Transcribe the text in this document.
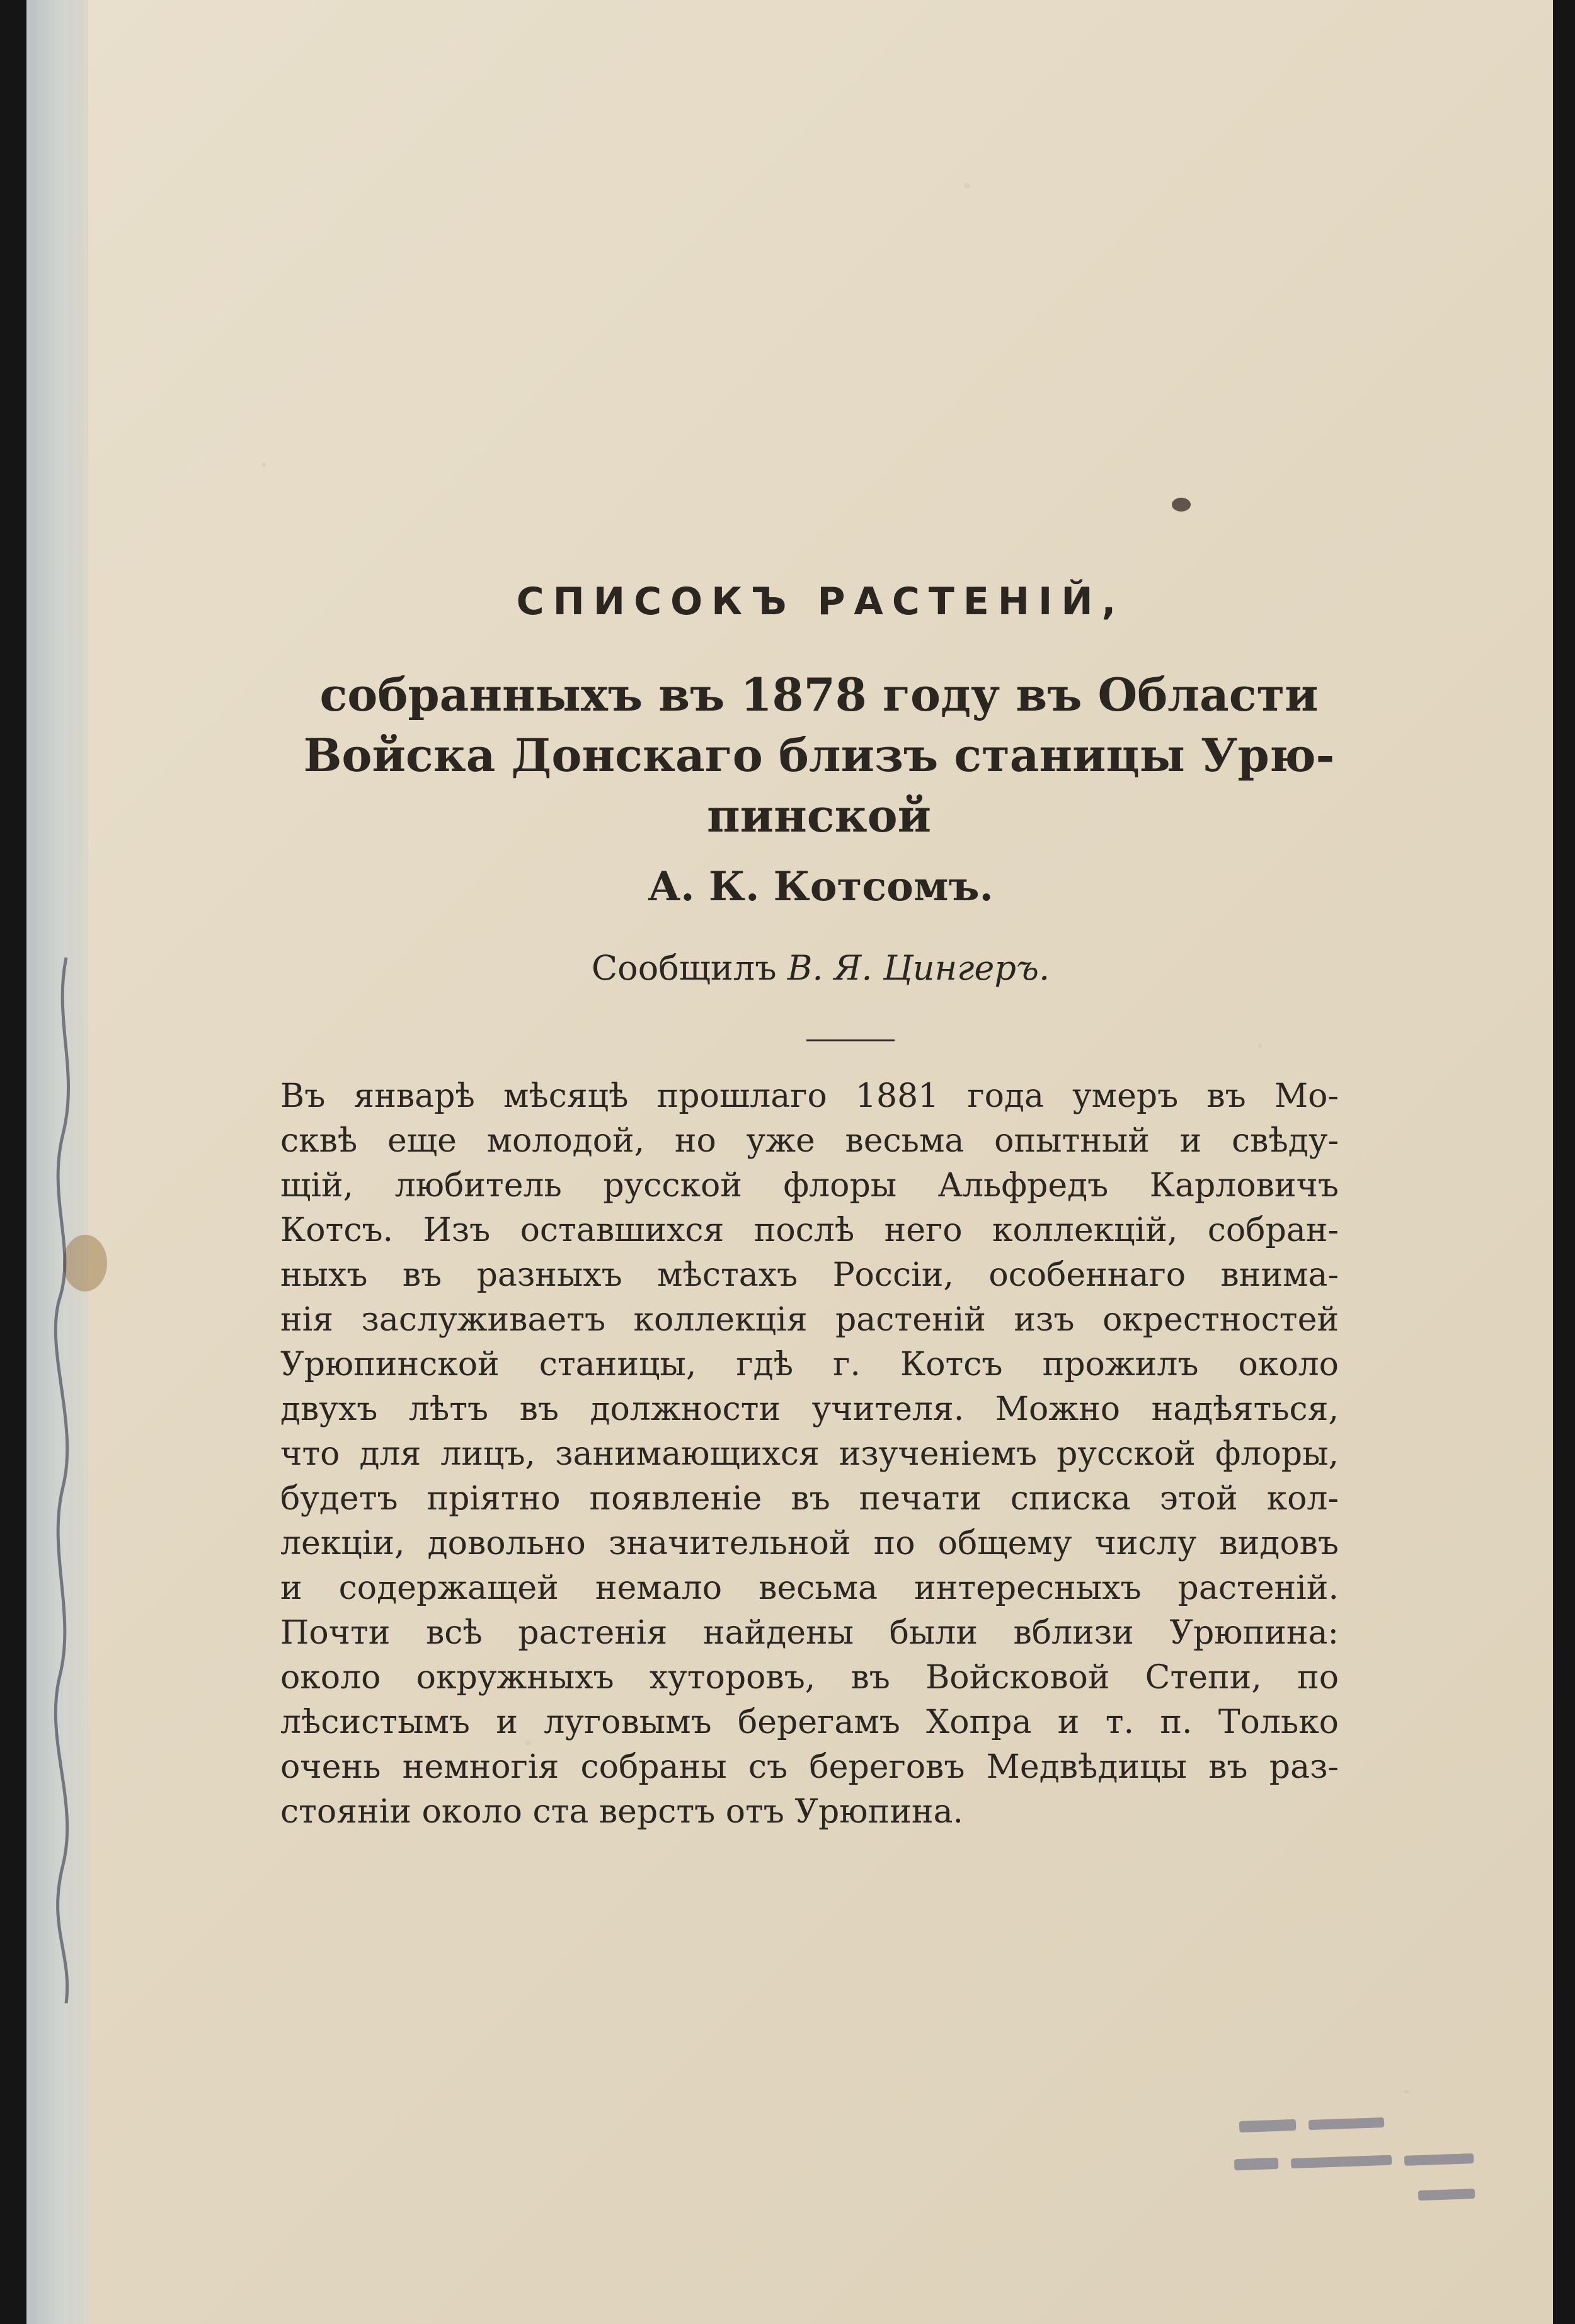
СПИСОКЪ РАСТЕНІЙ,
собранныхъ въ 1878 году въ Области
Войска Донскаго близъ станицы Урю-
пинской

А. К. Котсомъ.

Сообщилъ В. Я. Цингеръ.

Въ январѣ мѣсяцѣ прошлаго 1881 года умеръ въ Мо-
сквѣ еще молодой, но уже весьма опытный и свѣду-
щій, любитель русской флоры Альфредъ Карловичъ
Котсъ. Изъ оставшихся послѣ него коллекцій, собран-
ныхъ въ разныхъ мѣстахъ Россіи, особеннаго внима-
нія заслуживаетъ коллекція растеній изъ окрестностей
Урюпинской станицы, гдѣ г. Котсъ прожилъ около
двухъ лѣтъ въ должности учителя. Можно надѣяться,
что для лицъ, занимающихся изученіемъ русской флоры,
будетъ пріятно появленіе въ печати списка этой кол-
лекціи, довольно значительной по общему числу видовъ
и содержащей немало весьма интересныхъ растеній.
Почти всѣ растенія найдены были вблизи Урюпина:
около окружныхъ хуторовъ, въ Войсковой Степи, по
лѣсистымъ и луговымъ берегамъ Хопра и т. п. Только
очень немногія собраны съ береговъ Медвѣдицы въ раз-
стояніи около ста верстъ отъ Урюпина.
